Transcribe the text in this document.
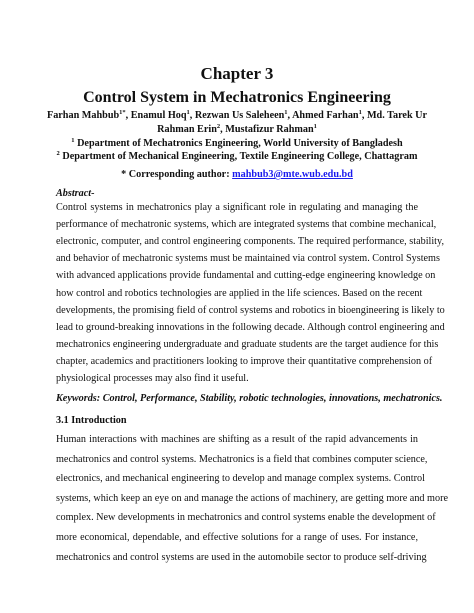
Chapter 3
Control System in Mechatronics Engineering
Farhan Mahbub$^{1*}$, Enamul Hoq$^1$, Rezwan Us Saleheen$^1$, Ahmed Farhan$^1$, Md. Tarek Ur
Rahman Erin$^2$, Mustafizur Rahman$^1$
$^1$ Department of Mechatronics Engineering, World University of Bangladesh
$^2$ Department of Mechanical Engineering, Textile Engineering College, Chattagram
* Corresponding author: mahbub3@mte.wub.edu.bd
Abstract-
Control systems in mechatronics play a significant role in regulating and managing the
performance of mechatronic systems, which are integrated systems that combine mechanical,
electronic, computer, and control engineering components. The required performance, stability,
and behavior of mechatronic systems must be maintained via control system. Control Systems
with advanced applications provide fundamental and cutting-edge engineering knowledge on
how control and robotics technologies are applied in the life sciences. Based on the recent
developments, the promising field of control systems and robotics in bioengineering is likely to
lead to ground-breaking innovations in the following decade. Although control engineering and
mechatronics engineering undergraduate and graduate students are the target audience for this
chapter, academics and practitioners looking to improve their quantitative comprehension of
physiological processes may also find it useful.
Keywords: Control, Performance, Stability, robotic technologies, innovations, mechatronics.
3.1 Introduction
Human interactions with machines are shifting as a result of the rapid advancements in
mechatronics and control systems. Mechatronics is a field that combines computer science,
electronics, and mechanical engineering to develop and manage complex systems. Control
systems, which keep an eye on and manage the actions of machinery, are getting more and more
complex. New developments in mechatronics and control systems enable the development of
more economical, dependable, and effective solutions for a range of uses. For instance,
mechatronics and control systems are used in the automobile sector to produce self-driving
